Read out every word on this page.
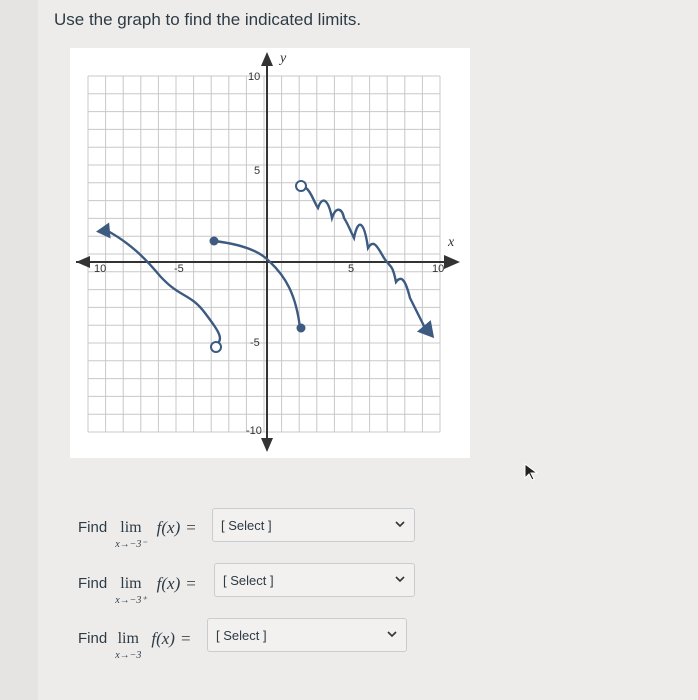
Use the graph to find the indicated limits.
y
x
10	-5	5	10
10
5
-5
-10
Find lim
x→−3⁻
f(x) = [ Select ]
Find lim
x→−3⁺
f(x) = [ Select ]
Find lim
x→−3
f(x) = [ Select ]
